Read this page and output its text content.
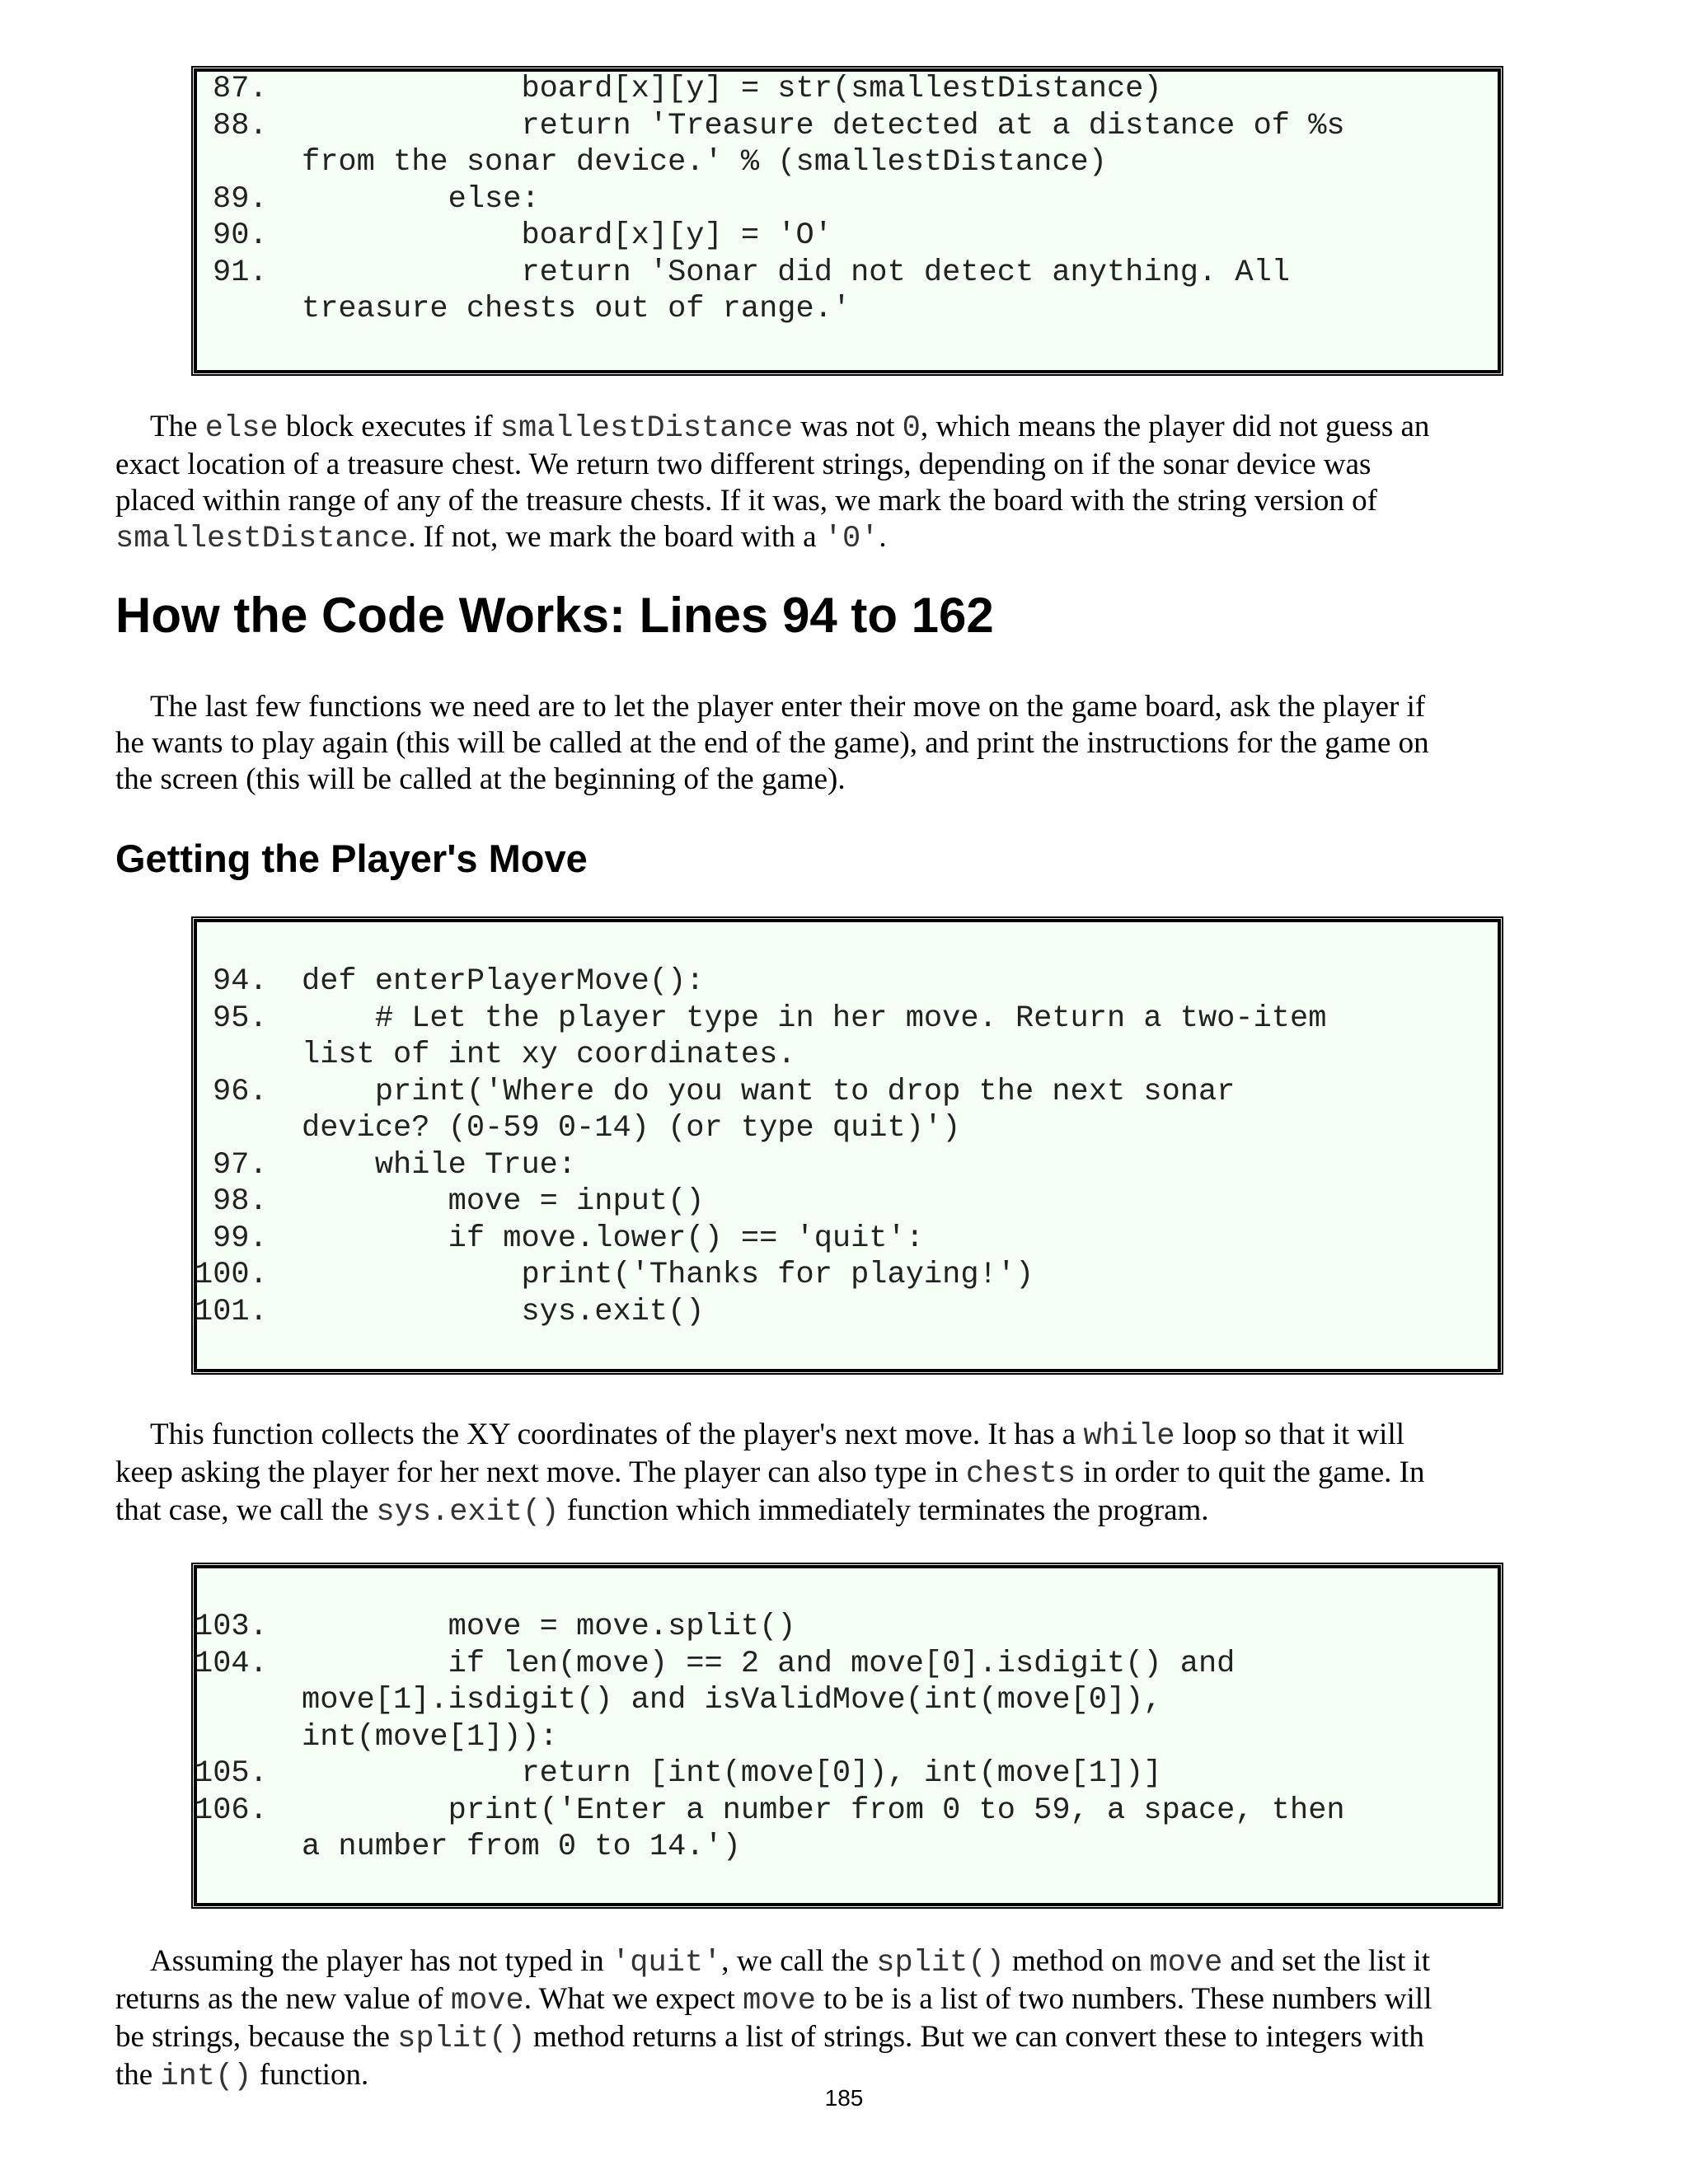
87.	board[x][y] = str(smallestDistance)
88.	return 'Treasure detected at a distance of %s
from the sonar device.' % (smallestDistance)
89.	else:
90.	board[x][y] = 'O'
91.	return 'Sonar did not detect anything. All
treasure chests out of range.'
The else block executes if smallestDistance was not 0, which means the player did not guess an
exact location of a treasure chest. We return two different strings, depending on if the sonar device was
placed within range of any of the treasure chests. If it was, we mark the board with the string version of
smallestDistance. If not, we mark the board with a '0'.
How the Code Works: Lines 94 to 162
The last few functions we need are to let the player enter their move on the game board, ask the player if
he wants to play again (this will be called at the end of the game), and print the instructions for the game on
the screen (this will be called at the beginning of the game).
Getting the Player's Move
94.	def enterPlayerMove():
95.	# Let the player type in her move. Return a two-item
list of int xy coordinates.
96.	print('Where do you want to drop the next sonar
device? (0-59 0-14) (or type quit)')
97.	while True:
98.	move = input()
99.	if move.lower() == 'quit':
100. print('Thanks for playing!')
101. sys.exit()
This function collects the XY coordinates of the player's next move. It has a while loop so that it will
keep asking the player for her next move. The player can also type in chests in order to quit the game. In
that case, we call the sys.exit() function which immediately terminates the program.
103. move = move.split()
104. if len(move) == 2 and move[0].isdigit() and
move[1].isdigit() and isValidMove(int(move[0]),
int(move[1])):
105. return [int(move[0]), int(move[1])]
106. print('Enter a number from 0 to 59, a space, then
a number from 0 to 14.')
Assuming the player has not typed in 'quit', we call the split() method on move and set the list it
returns as the new value of move. What we expect move to be is a list of two numbers. These numbers will
be strings, because the split() method returns a list of strings. But we can convert these to integers with
the int() function.
185
